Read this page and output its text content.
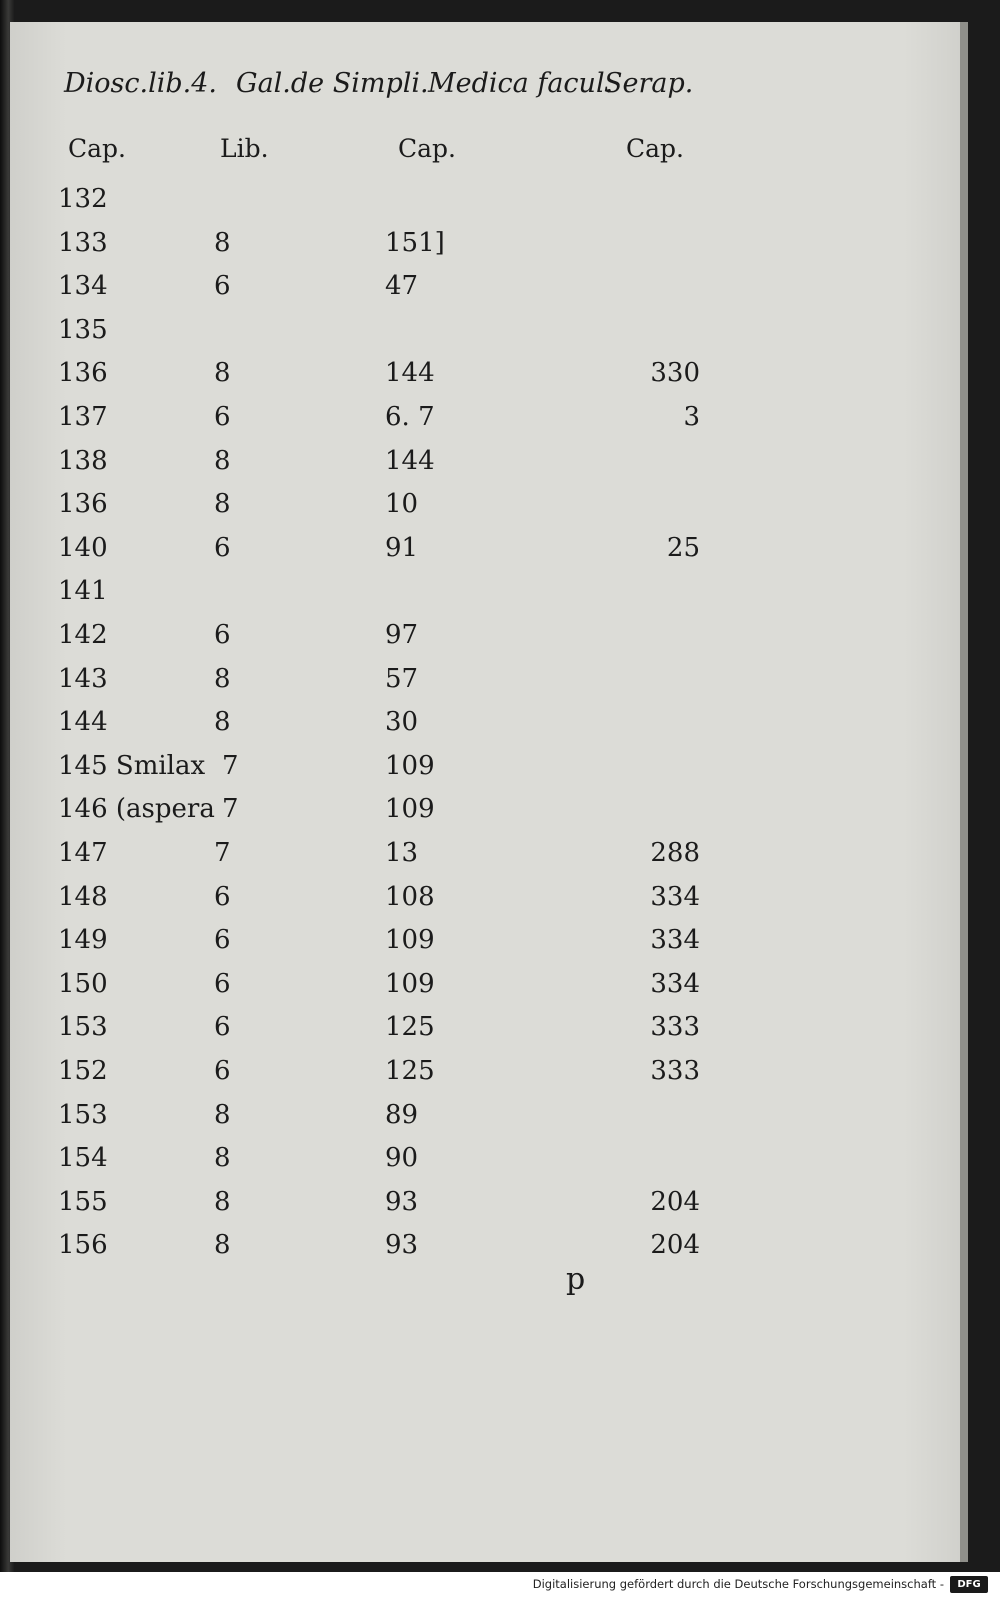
Diosc.lib.4. Gal.de Simpli. Medica facul.
Serap.
Cap.	Lib.	Cap.	Cap.
132
133	8	151]
134	6	47
135
136	8	144	330
137	6	6. 7	3
138	8	144
136	8	10
140	6	91	25
141
142	6	97
143	8	57
144	8	30
145 Smilax 7	109
146 (aspera 7	109
147	7	13	288
148	6	108	334
149	6	109	334
150	6	109	334
153	6	125	333
152	6	125	333
153	8	89
154	8	90
155	8	93	204
156	8	93	204
p
Digitalisierung gefördert durch die Deutsche Forschungsgemeinschaft -	DFG
